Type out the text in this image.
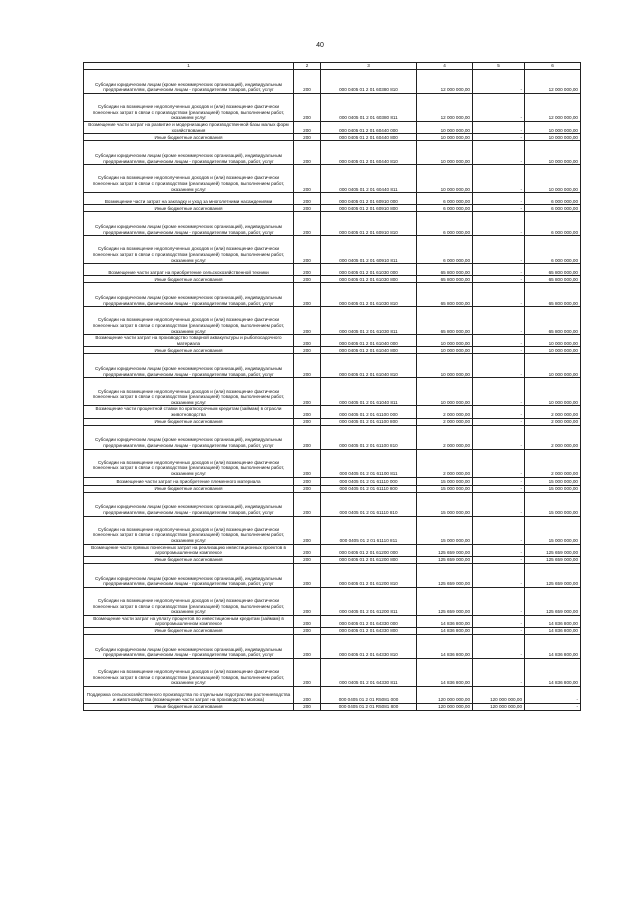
40
1	2	3	4	5	6
Субсидии юридическим лицам (кроме некоммерческих организаций), индивидуальным предпринимателям, физическим лицам - производителям товаров, работ, услуг	200	000 0405 01 2 01 60380 810	12 000 000,00	-	12 000 000,00
Субсидии на возмещение недополученных доходов и (или) возмещение фактически понесенных затрат в связи с производством (реализацией) товаров, выполнением работ, оказанием услуг	200	000 0405 01 2 01 60380 811	12 000 000,00	-	12 000 000,00
Возмещение части затрат на развитие и модернизацию производственной базы малых форм хозяйствования	200	000 0405 01 2 01 60440 000	10 000 000,00	-	10 000 000,00
Иные бюджетные ассигнования	200	000 0405 01 2 01 60440 800	10 000 000,00	-	10 000 000,00
Субсидии юридическим лицам (кроме некоммерческих организаций), индивидуальным предпринимателям, физическим лицам - производителям товаров, работ, услуг	200	000 0405 01 2 01 60440 810	10 000 000,00	-	10 000 000,00
Субсидии на возмещение недополученных доходов и (или) возмещение фактически понесенных затрат в связи с производством (реализацией) товаров, выполнением работ, оказанием услуг	200	000 0405 01 2 01 60440 811	10 000 000,00	-	10 000 000,00
Возмещение части затрат на закладку и уход за многолетними насаждениями	200	000 0405 01 2 01 60910 000	6 000 000,00	-	6 000 000,00
Иные бюджетные ассигнования	200	000 0405 01 2 01 60910 800	6 000 000,00	-	6 000 000,00
Субсидии юридическим лицам (кроме некоммерческих организаций), индивидуальным предпринимателям, физическим лицам - производителям товаров, работ, услуг	200	000 0405 01 2 01 60910 810	6 000 000,00	-	6 000 000,00
Субсидии на возмещение недополученных доходов и (или) возмещение фактически понесенных затрат в связи с производством (реализацией) товаров, выполнением работ, оказанием услуг	200	000 0405 01 2 01 60910 811	6 000 000,00	-	6 000 000,00
Возмещение части затрат на приобретение сельскохозяйственной техники	200	000 0405 01 2 01 61030 000	65 800 000,00	-	65 800 000,00
Иные бюджетные ассигнования	200	000 0405 01 2 01 61030 800	65 800 000,00	-	65 800 000,00
Субсидии юридическим лицам (кроме некоммерческих организаций), индивидуальным предпринимателям, физическим лицам - производителям товаров, работ, услуг	200	000 0405 01 2 01 61030 810	65 800 000,00	-	65 800 000,00
Субсидии на возмещение недополученных доходов и (или) возмещение фактически понесенных затрат в связи с производством (реализацией) товаров, выполнением работ, оказанием услуг	200	000 0405 01 2 01 61030 811	65 800 000,00	-	65 800 000,00
Возмещение части затрат на производство товарной аквакультуры и рыбопосадочного материала	200	000 0405 01 2 01 61040 000	10 000 000,00	-	10 000 000,00
Иные бюджетные ассигнования	200	000 0405 01 2 01 61040 800	10 000 000,00	-	10 000 000,00
Субсидии юридическим лицам (кроме некоммерческих организаций), индивидуальным предпринимателям, физическим лицам - производителям товаров, работ, услуг	200	000 0405 01 2 01 61040 810	10 000 000,00	-	10 000 000,00
Субсидии на возмещение недополученных доходов и (или) возмещение фактически понесенных затрат в связи с производством (реализацией) товаров, выполнением работ, оказанием услуг	200	000 0405 01 2 01 61040 811	10 000 000,00	-	10 000 000,00
Возмещение части процентной ставки по краткосрочным кредитам (займам) в отрасли животноводства	200	000 0405 01 2 01 61100 000	2 000 000,00	-	2 000 000,00
Иные бюджетные ассигнования	200	000 0405 01 2 01 61100 800	2 000 000,00	-	2 000 000,00
Субсидии юридическим лицам (кроме некоммерческих организаций), индивидуальным предпринимателям, физическим лицам - производителям товаров, работ, услуг	200	000 0405 01 2 01 61100 810	2 000 000,00	-	2 000 000,00
Субсидии на возмещение недополученных доходов и (или) возмещение фактически понесенных затрат в связи с производством (реализацией) товаров, выполнением работ, оказанием услуг	200	000 0405 01 2 01 61100 811	2 000 000,00	-	2 000 000,00
Возмещение части затрат на приобретение племенного материала	200	000 0405 01 2 01 61110 000	15 000 000,00	-	15 000 000,00
Иные бюджетные ассигнования	200	000 0405 01 2 01 61110 800	15 000 000,00	-	15 000 000,00
Субсидии юридическим лицам (кроме некоммерческих организаций), индивидуальным предпринимателям, физическим лицам - производителям товаров, работ, услуг	200	000 0405 01 2 01 61110 810	15 000 000,00	-	15 000 000,00
Субсидии на возмещение недополученных доходов и (или) возмещение фактически понесенных затрат в связи с производством (реализацией) товаров, выполнением работ, оказанием услуг	200	000 0405 01 2 01 61110 811	15 000 000,00	-	15 000 000,00
Возмещение части прямых понесенных затрат на реализацию инвестиционных проектов в агропромышленном комплексе	200	000 0405 01 2 01 61200 000	125 659 000,00	-	125 659 000,00
Иные бюджетные ассигнования	200	000 0405 01 2 01 61200 800	125 659 000,00	-	125 659 000,00
Субсидии юридическим лицам (кроме некоммерческих организаций), индивидуальным предпринимателям, физическим лицам - производителям товаров, работ, услуг	200	000 0405 01 2 01 61200 810	125 659 000,00	-	125 659 000,00
Субсидии на возмещение недополученных доходов и (или) возмещение фактически понесенных затрат в связи с производством (реализацией) товаров, выполнением работ, оказанием услуг	200	000 0405 01 2 01 61200 811	125 659 000,00	-	125 659 000,00
Возмещение части затрат на уплату процентов по инвестиционным кредитам (займам) в агропромышленном комплексе	200	000 0405 01 2 01 64330 000	14 836 800,00	-	14 836 800,00
Иные бюджетные ассигнования	200	000 0405 01 2 01 64330 800	14 836 800,00	-	14 836 800,00
Субсидии юридическим лицам (кроме некоммерческих организаций), индивидуальным предпринимателям, физическим лицам - производителям товаров, работ, услуг	200	000 0405 01 2 01 64330 810	14 836 800,00	-	14 836 800,00
Субсидии на возмещение недополученных доходов и (или) возмещение фактически понесенных затрат в связи с производством (реализацией) товаров, выполнением работ, оказанием услуг	200	000 0405 01 2 01 64330 811	14 836 800,00	-	14 836 800,00
Поддержка сельскохозяйственного производства по отдельным подотраслям растениеводства и животноводства (возмещение части затрат на производство молока)	200	000 0405 01 2 01 R5081 000	120 000 000,00	120 000 000,00	-
Иные бюджетные ассигнования	200	000 0405 01 2 01 R5081 800	120 000 000,00	120 000 000,00	-
